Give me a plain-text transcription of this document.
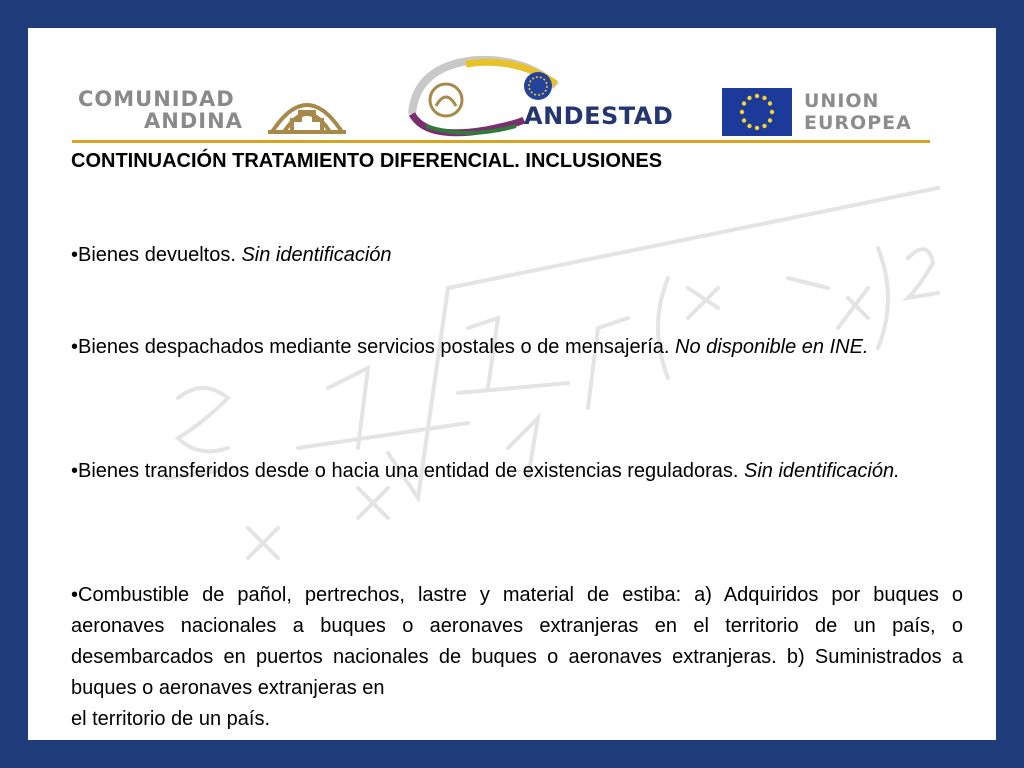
COMUNIDAD
ANDINA	ANDESTAD
UNION
EUROPEA
CONTINUACIÓN TRATAMIENTO DIFERENCIAL. INCLUSIONES

•Bienes devueltos. Sin identificación

•Bienes despachados mediante servicios postales o de mensajería. No disponible en INE.

•Bienes transferidos desde o hacia una entidad de existencias reguladoras. Sin identificación.

•Combustible de pañol, pertrechos, lastre y material de estiba: a) Adquiridos por buques o aeronaves nacionales a buques o aeronaves extranjeras en el territorio de un país, o desembarcados en puertos nacionales de buques o aeronaves extranjeras. b) Suministrados a buques o aeronaves extranjeras en
el territorio de un país.
